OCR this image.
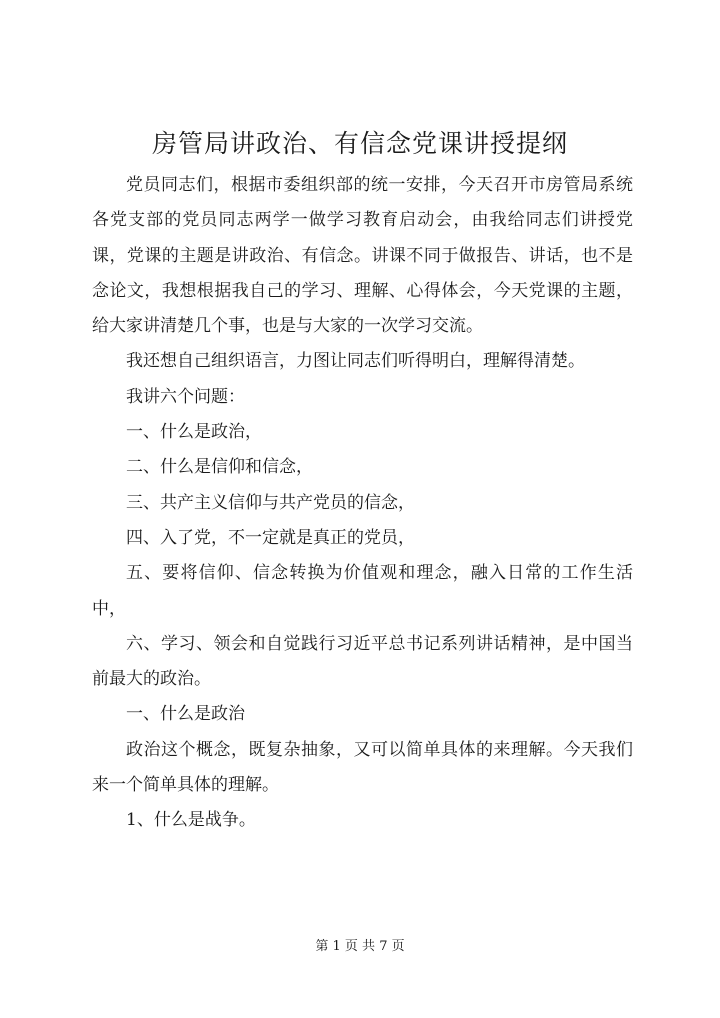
房管局讲政治、有信念党课讲授提纲

党员同志们，根据市委组织部的统一安排，今天召开市房管局系统各党支部的党员同志两学一做学习教育启动会，由我给同志们讲授党课，党课的主题是讲政治、有信念。讲课不同于做报告、讲话，也不是念论文，我想根据我自己的学习、理解、心得体会，今天党课的主题，给大家讲清楚几个事，也是与大家的一次学习交流。

我还想自己组织语言，力图让同志们听得明白，理解得清楚。

我讲六个问题：

一、什么是政治，

二、什么是信仰和信念，

三、共产主义信仰与共产党员的信念，

四、入了党，不一定就是真正的党员，

五、要将信仰、信念转换为价值观和理念，融入日常的工作生活中，

六、学习、领会和自觉践行习近平总书记系列讲话精神，是中国当前最大的政治。

一、什么是政治

政治这个概念，既复杂抽象，又可以简单具体的来理解。今天我们来一个简单具体的理解。

1、什么是战争。

第 1 页 共 7 页
